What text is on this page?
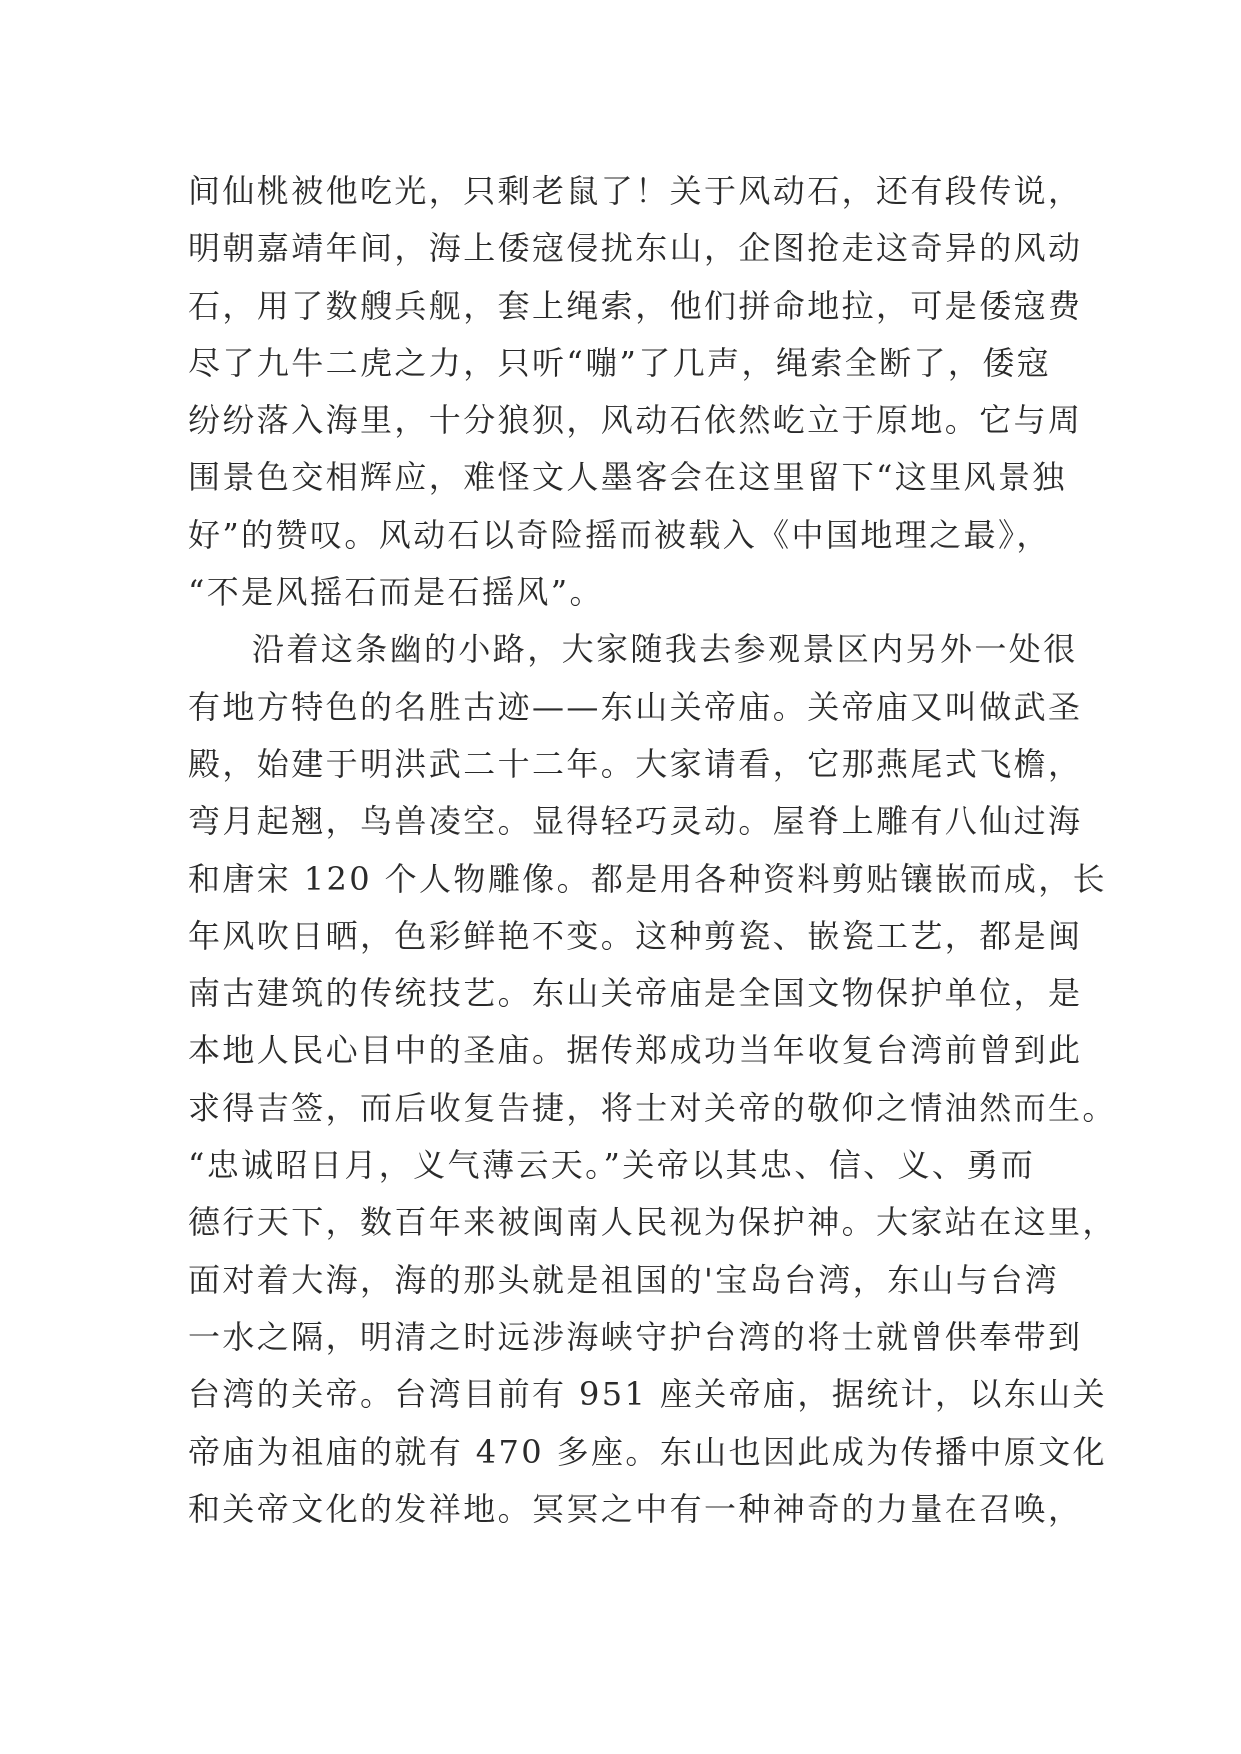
间仙桃被他吃光，只剩老鼠了！关于风动石，还有段传说，
明朝嘉靖年间，海上倭寇侵扰东山，企图抢走这奇异的风动
石，用了数艘兵舰，套上绳索，他们拼命地拉，可是倭寇费
尽了九牛二虎之力，只听“嘣”了几声，绳索全断了，倭寇
纷纷落入海里，十分狼狈，风动石依然屹立于原地。它与周
围景色交相辉应，难怪文人墨客会在这里留下“这里风景独
好”的赞叹。风动石以奇险摇而被载入《中国地理之最》，
“不是风摇石而是石摇风”。
沿着这条幽的小路，大家随我去参观景区内另外一处很
有地方特色的名胜古迹——东山关帝庙。关帝庙又叫做武圣
殿，始建于明洪武二十二年。大家请看，它那燕尾式飞檐，
弯月起翘，鸟兽凌空。显得轻巧灵动。屋脊上雕有八仙过海
和唐宋 120 个人物雕像。都是用各种资料剪贴镶嵌而成，长
年风吹日晒，色彩鲜艳不变。这种剪瓷、嵌瓷工艺，都是闽
南古建筑的传统技艺。东山关帝庙是全国文物保护单位，是
本地人民心目中的圣庙。据传郑成功当年收复台湾前曾到此
求得吉签，而后收复告捷，将士对关帝的敬仰之情油然而生。
“忠诚昭日月，义气薄云天。”关帝以其忠、信、义、勇而
德行天下，数百年来被闽南人民视为保护神。大家站在这里，
面对着大海，海的那头就是祖国的'宝岛台湾，东山与台湾
一水之隔，明清之时远涉海峡守护台湾的将士就曾供奉带到
台湾的关帝。台湾目前有 951 座关帝庙，据统计，以东山关
帝庙为祖庙的就有 470 多座。东山也因此成为传播中原文化
和关帝文化的发祥地。冥冥之中有一种神奇的力量在召唤，
